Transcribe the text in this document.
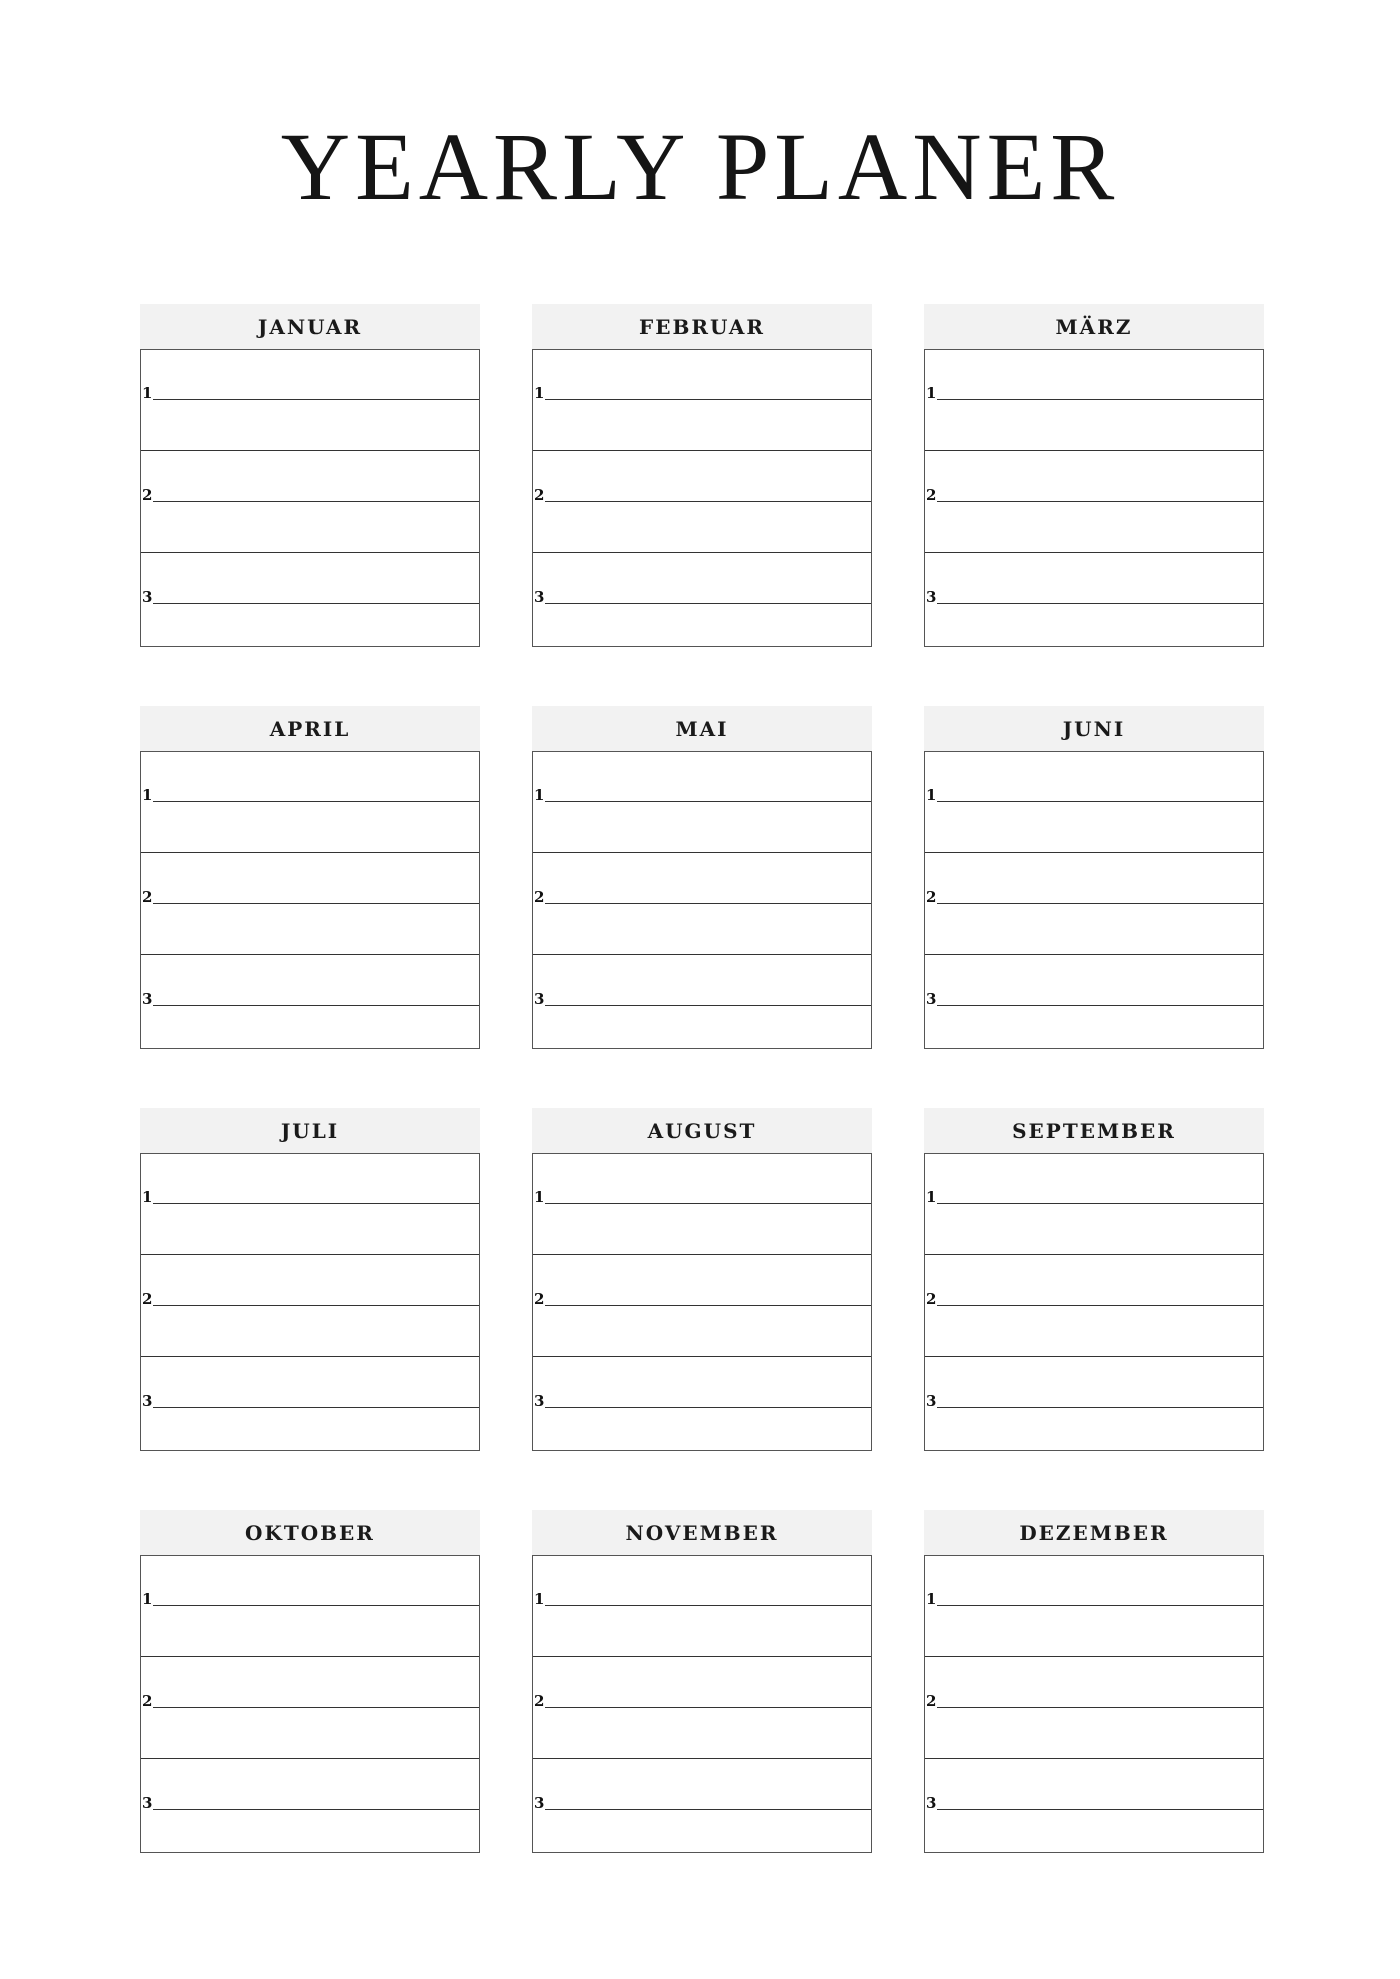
YEARLY PLANER
JANUAR
1
2
3
FEBRUAR
1
2
3
MÄRZ
1
2
3
APRIL
1
2
3
MAI
1
2
3
JUNI
1
2
3
JULI
1
2
3
AUGUST
1
2
3
SEPTEMBER
1
2
3
OKTOBER
1
2
3
NOVEMBER
1
2
3
DEZEMBER
1
2
3
